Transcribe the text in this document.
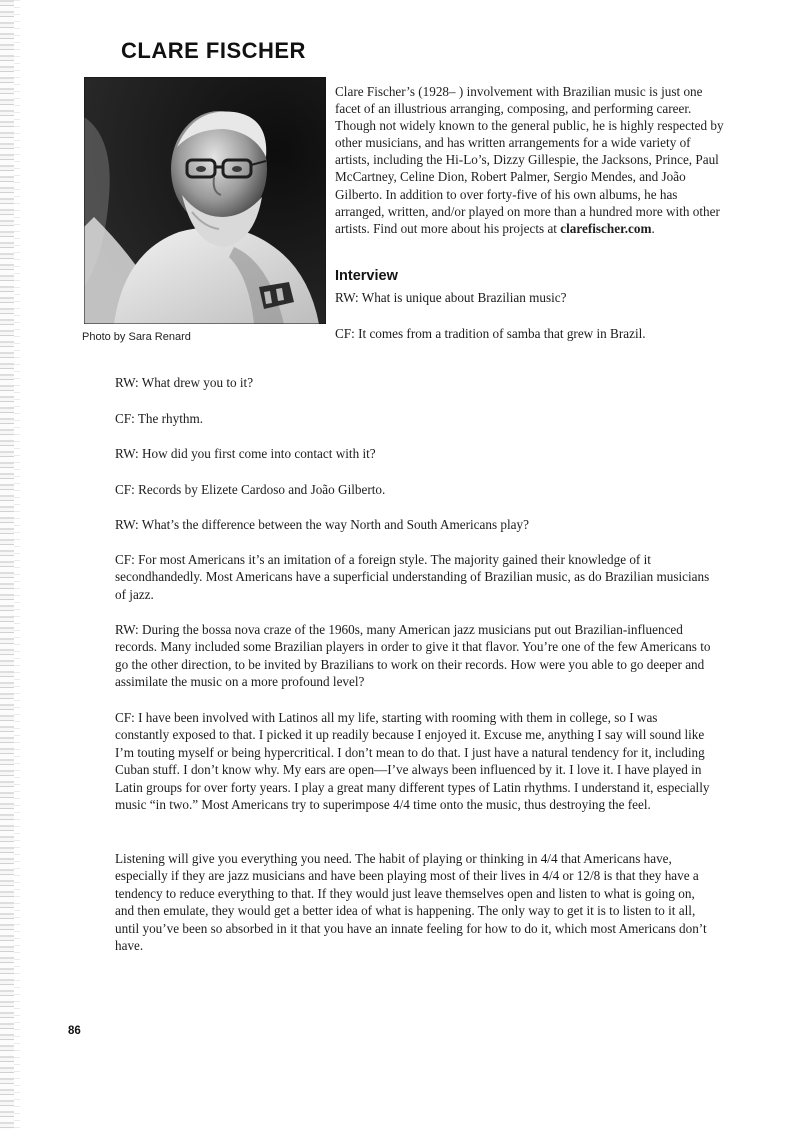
CLARE FISCHER

Photo by Sara Renard

Clare Fischer’s (1928– ) involvement with Brazilian music is just one facet of an illustrious arranging, composing, and performing career. Though not widely known to the general public, he is highly respected by other musicians, and has written arrangements for a wide variety of artists, including the Hi-Lo’s, Dizzy Gillespie, the Jacksons, Prince, Paul McCartney, Celine Dion, Robert Palmer, Sergio Mendes, and João Gilberto. In addition to over forty-five of his own albums, he has arranged, written, and/or played on more than a hundred more with other artists. Find out more about his projects at clarefischer.com.

Interview

RW: What is unique about Brazilian music?

CF: It comes from a tradition of samba that grew in Brazil.

RW: What drew you to it?

CF: The rhythm.

RW: How did you first come into contact with it?

CF: Records by Elizete Cardoso and João Gilberto.

RW: What’s the difference between the way North and South Americans play?

CF: For most Americans it’s an imitation of a foreign style. The majority gained their knowledge of it secondhandedly. Most Americans have a superficial understanding of Brazilian music, as do Brazilian musicians of jazz.

RW: During the bossa nova craze of the 1960s, many American jazz musicians put out Brazilian-influenced records. Many included some Brazilian players in order to give it that flavor. You’re one of the few Americans to go the other direction, to be invited by Brazilians to work on their records. How were you able to go deeper and assimilate the music on a more profound level?

CF: I have been involved with Latinos all my life, starting with rooming with them in college, so I was constantly exposed to that. I picked it up readily because I enjoyed it. Excuse me, anything I say will sound like I’m touting myself or being hypercritical. I don’t mean to do that. I just have a natural tendency for it, including Cuban stuff. I don’t know why. My ears are open—I’ve always been influenced by it. I love it. I have played in Latin groups for over forty years. I play a great many different types of Latin rhythms. I understand it, especially music “in two.” Most Americans try to superimpose 4/4 time onto the music, thus destroying the feel.

Listening will give you everything you need. The habit of playing or thinking in 4/4 that Americans have, especially if they are jazz musicians and have been playing most of their lives in 4/4 or 12/8 is that they have a tendency to reduce everything to that. If they would just leave themselves open and listen to what is going on, and then emulate, they would get a better idea of what is happening. The only way to get it is to listen to it all, until you’ve been so absorbed in it that you have an innate feeling for how to do it, which most Americans don’t have.

86
